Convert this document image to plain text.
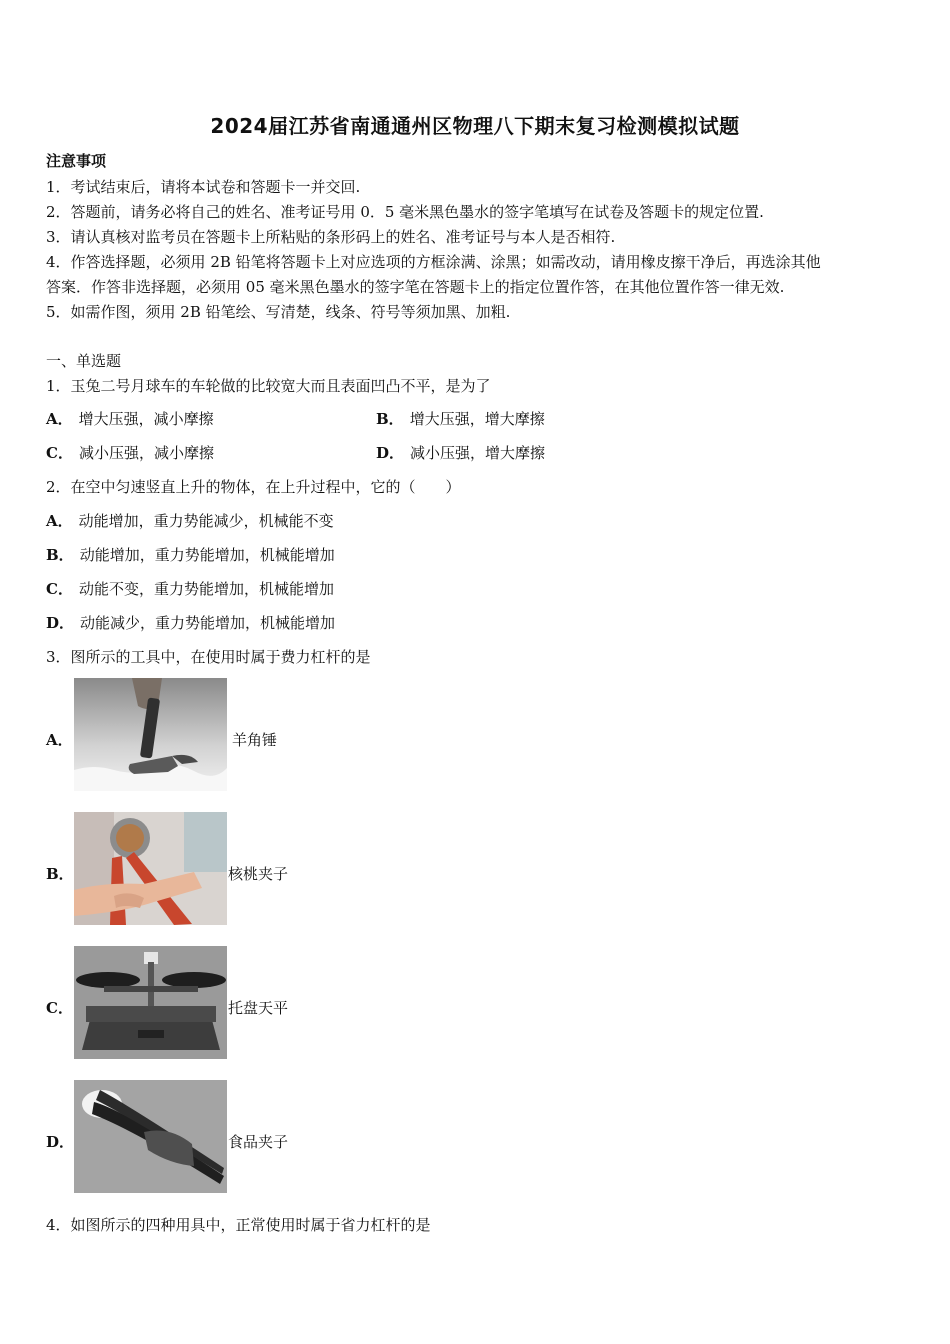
2024届江苏省南通通州区物理八下期末复习检测模拟试题
注意事项
1．考试结束后，请将本试卷和答题卡一并交回.
2．答题前，请务必将自己的姓名、准考证号用 0．5 毫米黑色墨水的签字笔填写在试卷及答题卡的规定位置.
3．请认真核对监考员在答题卡上所粘贴的条形码上的姓名、准考证号与本人是否相符.
4．作答选择题，必须用 2B 铅笔将答题卡上对应选项的方框涂满、涂黑；如需改动，请用橡皮擦干净后，再选涂其他
答案．作答非选择题，必须用 05 毫米黑色墨水的签字笔在答题卡上的指定位置作答，在其他位置作答一律无效.
5．如需作图，须用 2B 铅笔绘、写清楚，线条、符号等须加黑、加粗.
一、单选题
1．玉兔二号月球车的车轮做的比较宽大而且表面凹凸不平，是为了
A． 增大压强，减小摩擦	B． 增大压强，增大摩擦
C． 减小压强，减小摩擦	D． 减小压强，增大摩擦
2．在空中匀速竖直上升的物体，在上升过程中，它的（　　）
A． 动能增加，重力势能减少，机械能不变
B． 动能增加，重力势能增加，机械能增加
C． 动能不变，重力势能增加，机械能增加
D． 动能减少，重力势能增加，机械能增加
3．图所示的工具中，在使用时属于费力杠杆的是
A．	羊角锤
B．	核桃夹子
C．	托盘天平
D．	食品夹子
4．如图所示的四种用具中，正常使用时属于省力杠杆的是
